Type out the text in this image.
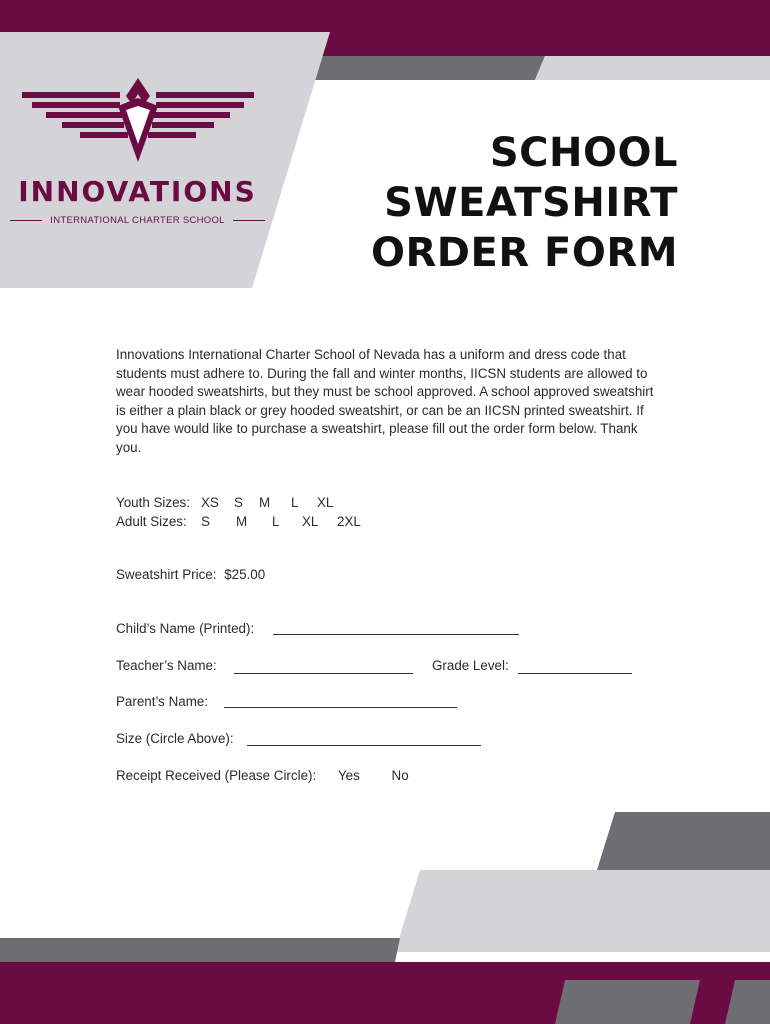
INNOVATIONS
INTERNATIONAL CHARTER SCHOOL
SCHOOL
SWEATSHIRT
ORDER FORM

Innovations International Charter School of Nevada has a uniform and dress code that students must adhere to. During the fall and winter months, IICSN students are allowed to wear hooded sweatshirts, but they must be school approved. A school approved sweatshirt is either a plain black or grey hooded sweatshirt, or can be an IICSN printed sweatshirt. If you have would like to purchase a sweatshirt, please fill out the order form below. Thank you.

Youth Sizes: XS S M L XL
Adult Sizes: S M L XL 2XL
Sweatshirt Price: $25.00
Child’s Name (Printed):
Teacher’s Name:	Grade Level:
Parent’s Name:
Size (Circle Above):
Receipt Received (Please Circle): Yes No
